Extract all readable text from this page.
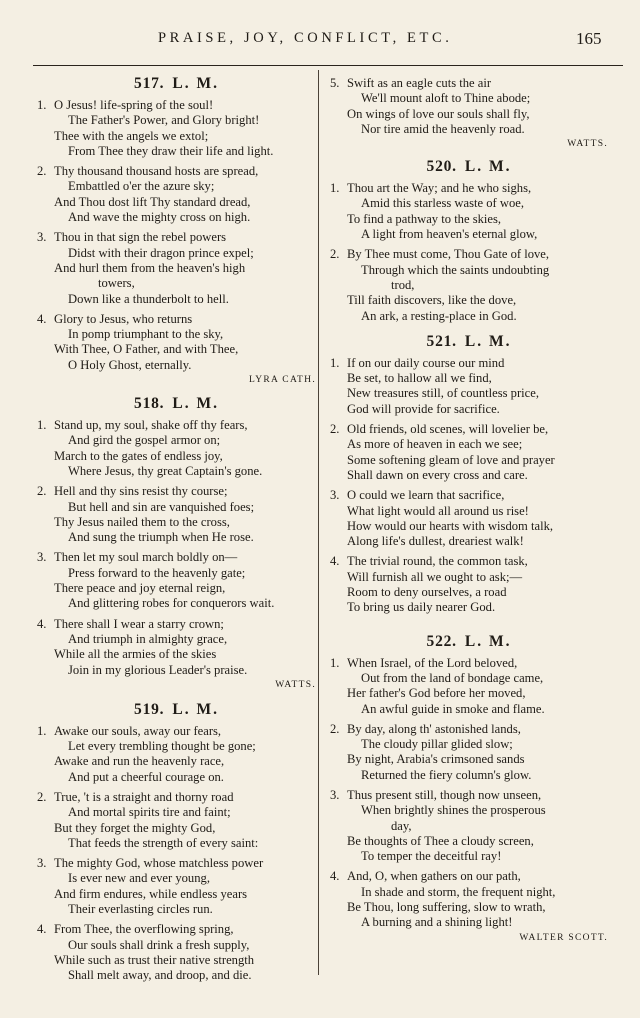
PRAISE, JOY, CONFLICT, ETC.	165
517. L. M.
1. O Jesus! life-spring of the soul!
The Father's Power, and Glory bright!
Thee with the angels we extol;
From Thee they draw their life and light.
2. Thy thousand thousand hosts are spread,
Embattled o'er the azure sky;
And Thou dost lift Thy standard dread,
And wave the mighty cross on high.
3. Thou in that sign the rebel powers
Didst with their dragon prince expel;
And hurl them from the heaven's high
towers,
Down like a thunderbolt to hell.
4. Glory to Jesus, who returns
In pomp triumphant to the sky,
With Thee, O Father, and with Thee,
O Holy Ghost, eternally.
LYRA CATH.
518. L. M.
1. Stand up, my soul, shake off thy fears,
And gird the gospel armor on;
March to the gates of endless joy,
Where Jesus, thy great Captain's gone.
2. Hell and thy sins resist thy course;
But hell and sin are vanquished foes;
Thy Jesus nailed them to the cross,
And sung the triumph when He rose.
3. Then let my soul march boldly on—
Press forward to the heavenly gate;
There peace and joy eternal reign,
And glittering robes for conquerors wait.
4. There shall I wear a starry crown;
And triumph in almighty grace,
While all the armies of the skies
Join in my glorious Leader's praise.
WATTS.
519. L. M.
1. Awake our souls, away our fears,
Let every trembling thought be gone;
Awake and run the heavenly race,
And put a cheerful courage on.
2. True, 't is a straight and thorny road
And mortal spirits tire and faint;
But they forget the mighty God,
That feeds the strength of every saint:
3. The mighty God, whose matchless power
Is ever new and ever young,
And firm endures, while endless years
Their everlasting circles run.
4. From Thee, the overflowing spring,
Our souls shall drink a fresh supply,
While such as trust their native strength
Shall melt away, and droop, and die.
5. Swift as an eagle cuts the air
We'll mount aloft to Thine abode;
On wings of love our souls shall fly,
Nor tire amid the heavenly road.
WATTS.
520. L. M.
1. Thou art the Way; and he who sighs,
Amid this starless waste of woe,
To find a pathway to the skies,
A light from heaven's eternal glow,
2. By Thee must come, Thou Gate of love,
Through which the saints undoubting
trod,
Till faith discovers, like the dove,
An ark, a resting-place in God.
521. L. M.
1. If on our daily course our mind
Be set, to hallow all we find,
New treasures still, of countless price,
God will provide for sacrifice.
2. Old friends, old scenes, will lovelier be,
As more of heaven in each we see;
Some softening gleam of love and prayer
Shall dawn on every cross and care.
3. O could we learn that sacrifice,
What light would all around us rise!
How would our hearts with wisdom talk,
Along life's dullest, dreariest walk!
4. The trivial round, the common task,
Will furnish all we ought to ask;—
Room to deny ourselves, a road
To bring us daily nearer God.
522. L. M.
1. When Israel, of the Lord beloved,
Out from the land of bondage came,
Her father's God before her moved,
An awful guide in smoke and flame.
2. By day, along th' astonished lands,
The cloudy pillar glided slow;
By night, Arabia's crimsoned sands
Returned the fiery column's glow.
3. Thus present still, though now unseen,
When brightly shines the prosperous
day,
Be thoughts of Thee a cloudy screen,
To temper the deceitful ray!
4. And, O, when gathers on our path,
In shade and storm, the frequent night,
Be Thou, long suffering, slow to wrath,
A burning and a shining light!
WALTER SCOTT.
